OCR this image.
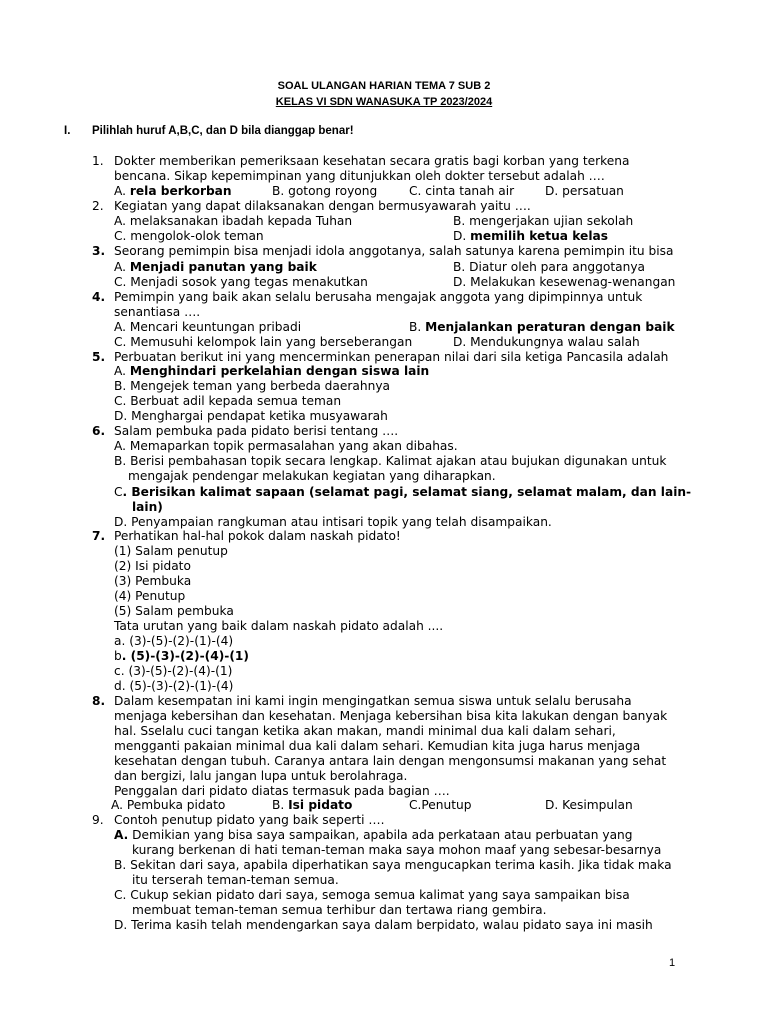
SOAL ULANGAN HARIAN TEMA 7 SUB 2
KELAS VI SDN WANASUKA TP 2023/2024
I. Pilihlah huruf A,B,C, dan D bila dianggap benar!
1. Dokter memberikan pemeriksaan kesehatan secara gratis bagi korban yang terkena
bencana. Sikap kepemimpinan yang ditunjukkan oleh dokter tersebut adalah ….
A. rela berkorban	B. gotong royong	C. cinta tanah air	D. persatuan
2. Kegiatan yang dapat dilaksanakan dengan bermusyawarah yaitu ….
A. melaksanakan ibadah kepada Tuhan	B. mengerjakan ujian sekolah
C. mengolok-olok teman	D. memilih ketua kelas
3. Seorang pemimpin bisa menjadi idola anggotanya, salah satunya karena pemimpin itu bisa
A. Menjadi panutan yang baik	B. Diatur oleh para anggotanya
C. Menjadi sosok yang tegas menakutkan	D. Melakukan kesewenag-wenangan
4. Pemimpin yang baik akan selalu berusaha mengajak anggota yang dipimpinnya untuk
senantiasa ….
A. Mencari keuntungan pribadi	B. Menjalankan peraturan dengan baik
C. Memusuhi kelompok lain yang berseberangan	D. Mendukungnya walau salah
5. Perbuatan berikut ini yang mencerminkan penerapan nilai dari sila ketiga Pancasila adalah
A. Menghindari perkelahian dengan siswa lain
B. Mengejek teman yang berbeda daerahnya
C. Berbuat adil kepada semua teman
D. Menghargai pendapat ketika musyawarah
6. Salam pembuka pada pidato berisi tentang ….
A. Memaparkan topik permasalahan yang akan dibahas.
B. Berisi pembahasan topik secara lengkap. Kalimat ajakan atau bujukan digunakan untuk
mengajak pendengar melakukan kegiatan yang diharapkan.
C. Berisikan kalimat sapaan (selamat pagi, selamat siang, selamat malam, dan lain-
lain)
D. Penyampaian rangkuman atau intisari topik yang telah disampaikan.
7. Perhatikan hal-hal pokok dalam naskah pidato!
(1) Salam penutup
(2) Isi pidato
(3) Pembuka
(4) Penutup
(5) Salam pembuka
Tata urutan yang baik dalam naskah pidato adalah ....
a. (3)-(5)-(2)-(1)-(4)
b. (5)-(3)-(2)-(4)-(1)
c. (3)-(5)-(2)-(4)-(1)
d. (5)-(3)-(2)-(1)-(4)
8. Dalam kesempatan ini kami ingin mengingatkan semua siswa untuk selalu berusaha
menjaga kebersihan dan kesehatan. Menjaga kebersihan bisa kita lakukan dengan banyak
hal. Sselalu cuci tangan ketika akan makan, mandi minimal dua kali dalam sehari,
mengganti pakaian minimal dua kali dalam sehari. Kemudian kita juga harus menjaga
kesehatan dengan tubuh. Caranya antara lain dengan mengonsumsi makanan yang sehat
dan bergizi, lalu jangan lupa untuk berolahraga.
Penggalan dari pidato diatas termasuk pada bagian ….
A. Pembuka pidato	B. Isi pidato	C.Penutup	D. Kesimpulan
9. Contoh penutup pidato yang baik seperti ….
A. Demikian yang bisa saya sampaikan, apabila ada perkataan atau perbuatan yang
kurang berkenan di hati teman-teman maka saya mohon maaf yang sebesar-besarnya
B. Sekitan dari saya, apabila diperhatikan saya mengucapkan terima kasih. Jika tidak maka
itu terserah teman-teman semua.
C. Cukup sekian pidato dari saya, semoga semua kalimat yang saya sampaikan bisa
membuat teman-teman semua terhibur dan tertawa riang gembira.
D. Terima kasih telah mendengarkan saya dalam berpidato, walau pidato saya ini masih
1
